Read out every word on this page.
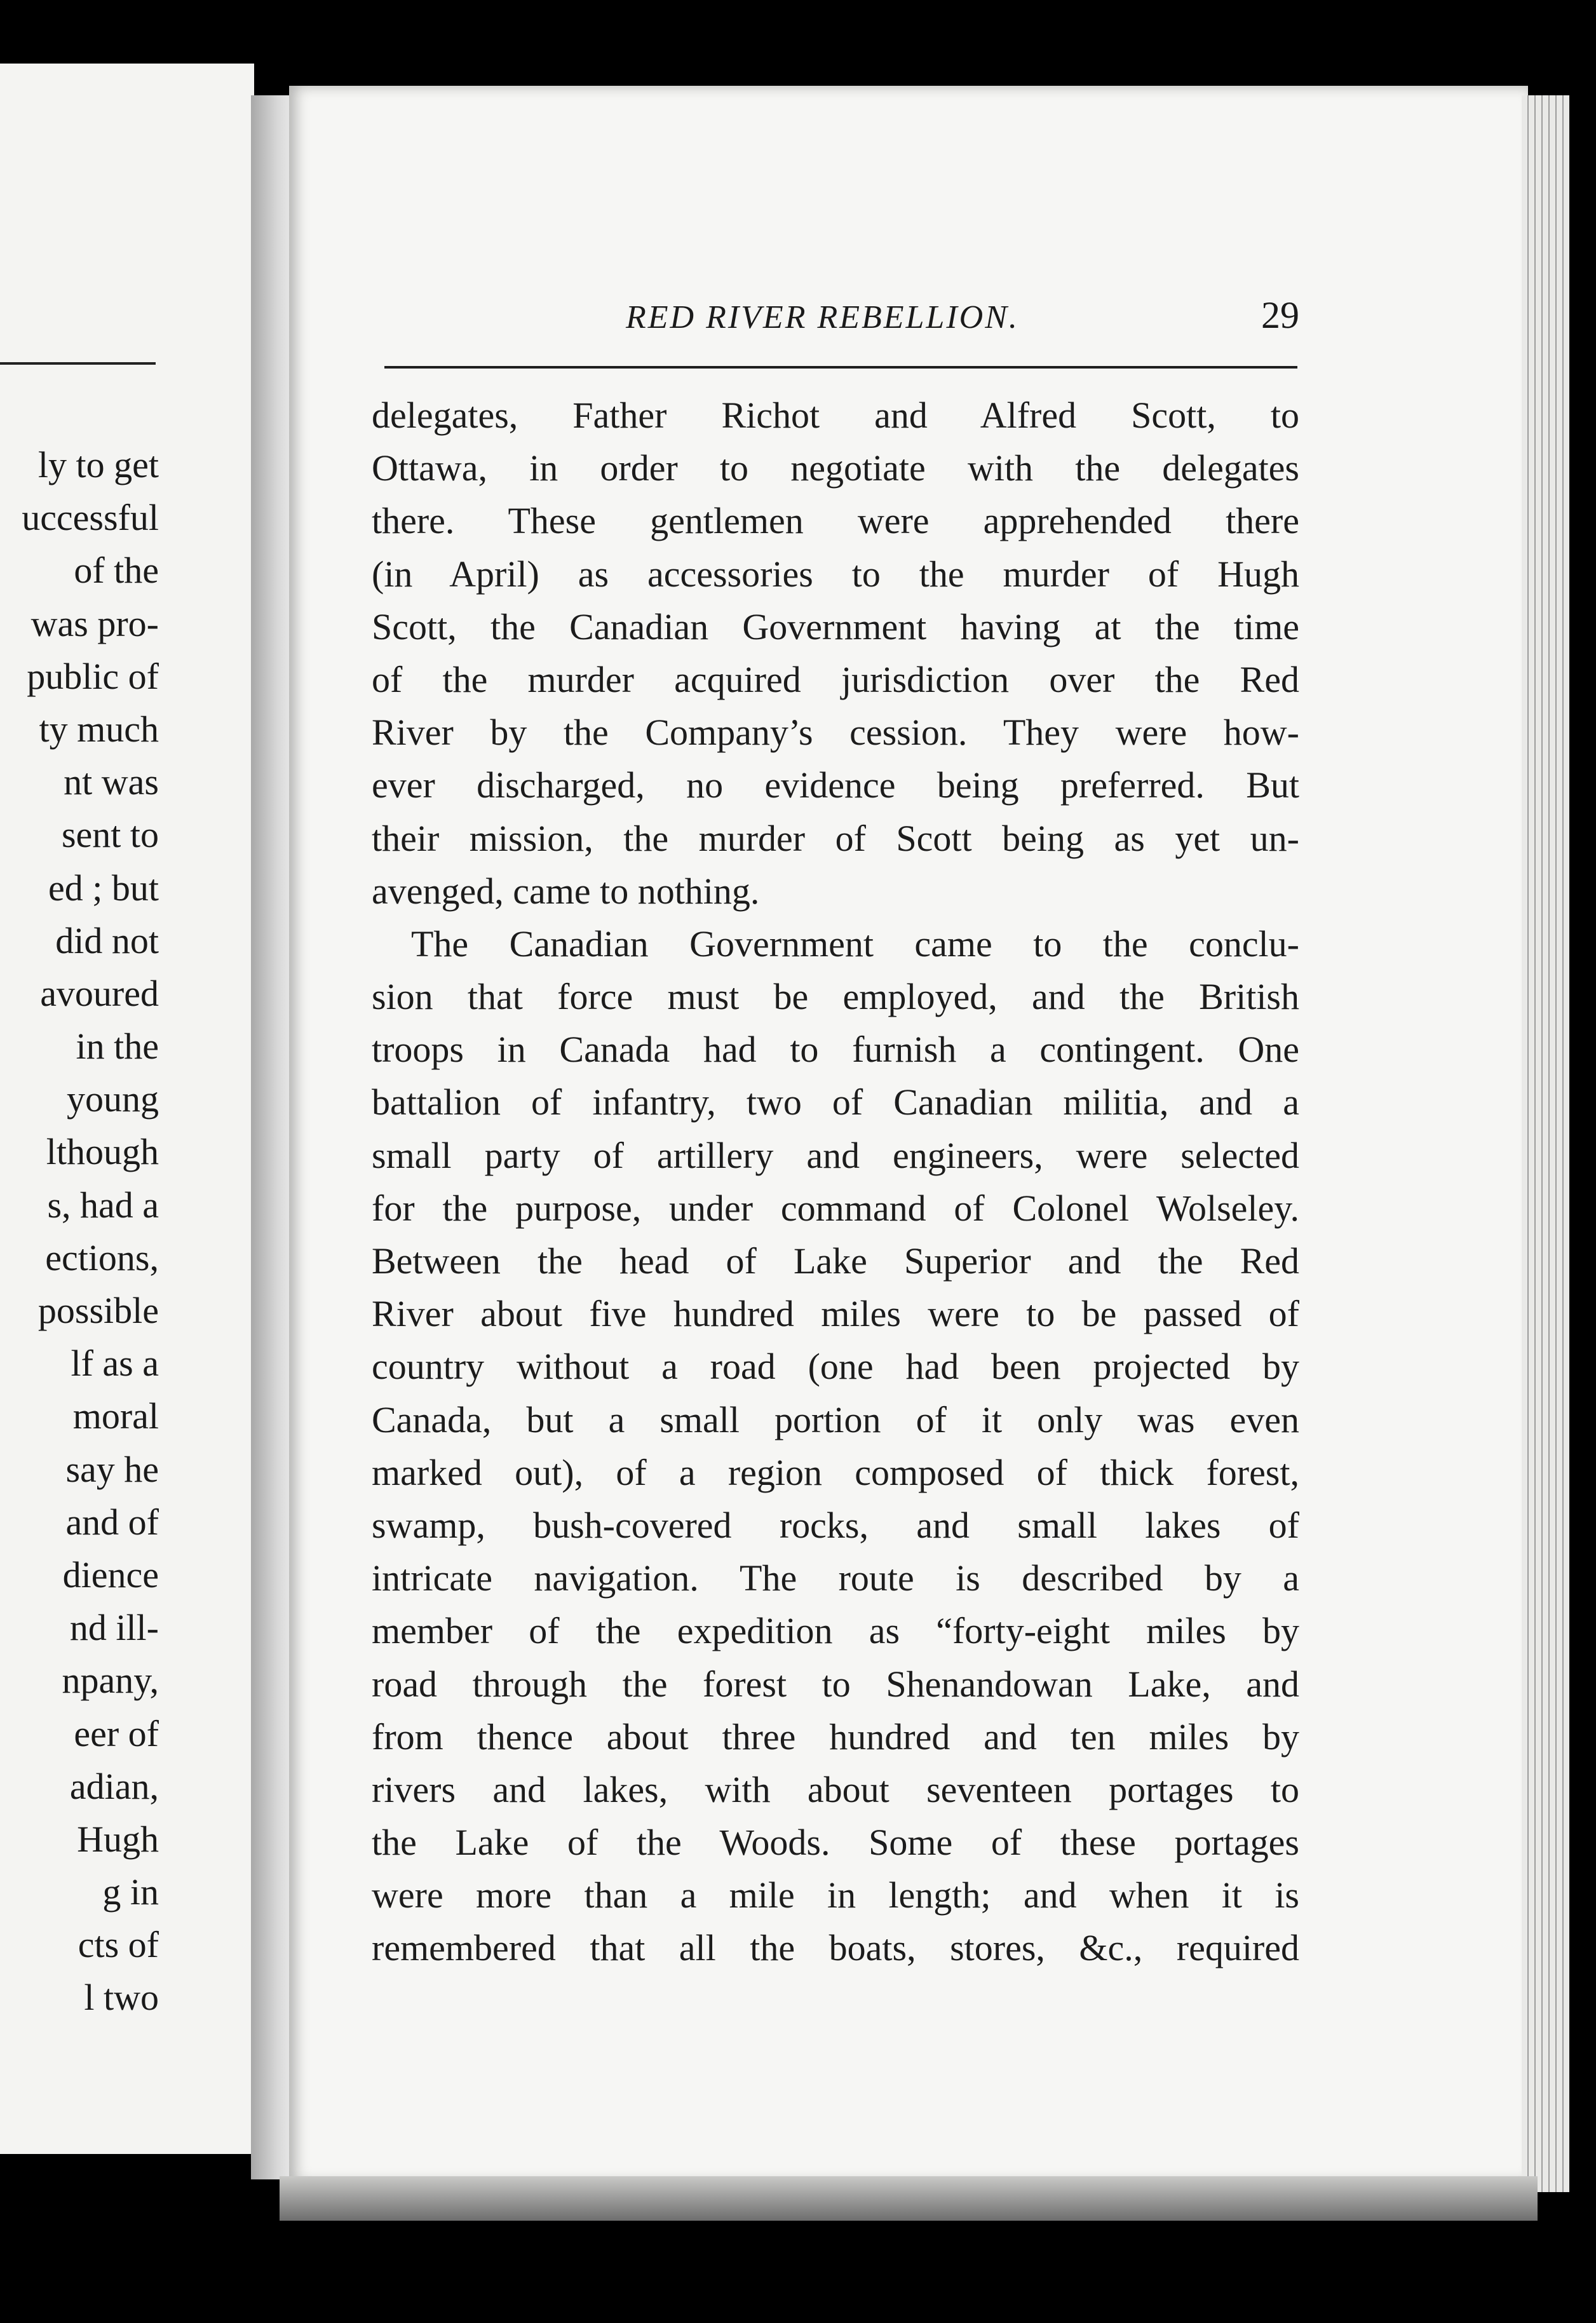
ly to get
uccessful
of the
was pro-
public of
ty much
nt was
sent to
ed ; but
did not
avoured
in the
young
lthough
s, had a
ections,
possible
lf as a
moral
say he
and of
dience
nd ill-
npany,
eer of
adian,
Hugh
g in
cts of
l two
RED RIVER REBELLION.	29
delegates, Father Richot and Alfred Scott, to
Ottawa, in order to negotiate with the delegates
there. These gentlemen were apprehended there
(in April) as accessories to the murder of Hugh
Scott, the Canadian Government having at the time
of the murder acquired jurisdiction over the Red
River by the Company’s cession. They were how-
ever discharged, no evidence being preferred. But
their mission, the murder of Scott being as yet un-
avenged, came to nothing.
The Canadian Government came to the conclu-
sion that force must be employed, and the British
troops in Canada had to furnish a contingent. One
battalion of infantry, two of Canadian militia, and a
small party of artillery and engineers, were selected
for the purpose, under command of Colonel Wolseley.
Between the head of Lake Superior and the Red
River about five hundred miles were to be passed of
country without a road (one had been projected by
Canada, but a small portion of it only was even
marked out), of a region composed of thick forest,
swamp, bush-covered rocks, and small lakes of
intricate navigation. The route is described by a
member of the expedition as “forty-eight miles by
road through the forest to Shenandowan Lake, and
from thence about three hundred and ten miles by
rivers and lakes, with about seventeen portages to
the Lake of the Woods. Some of these portages
were more than a mile in length; and when it is
remembered that all the boats, stores, &c., required
